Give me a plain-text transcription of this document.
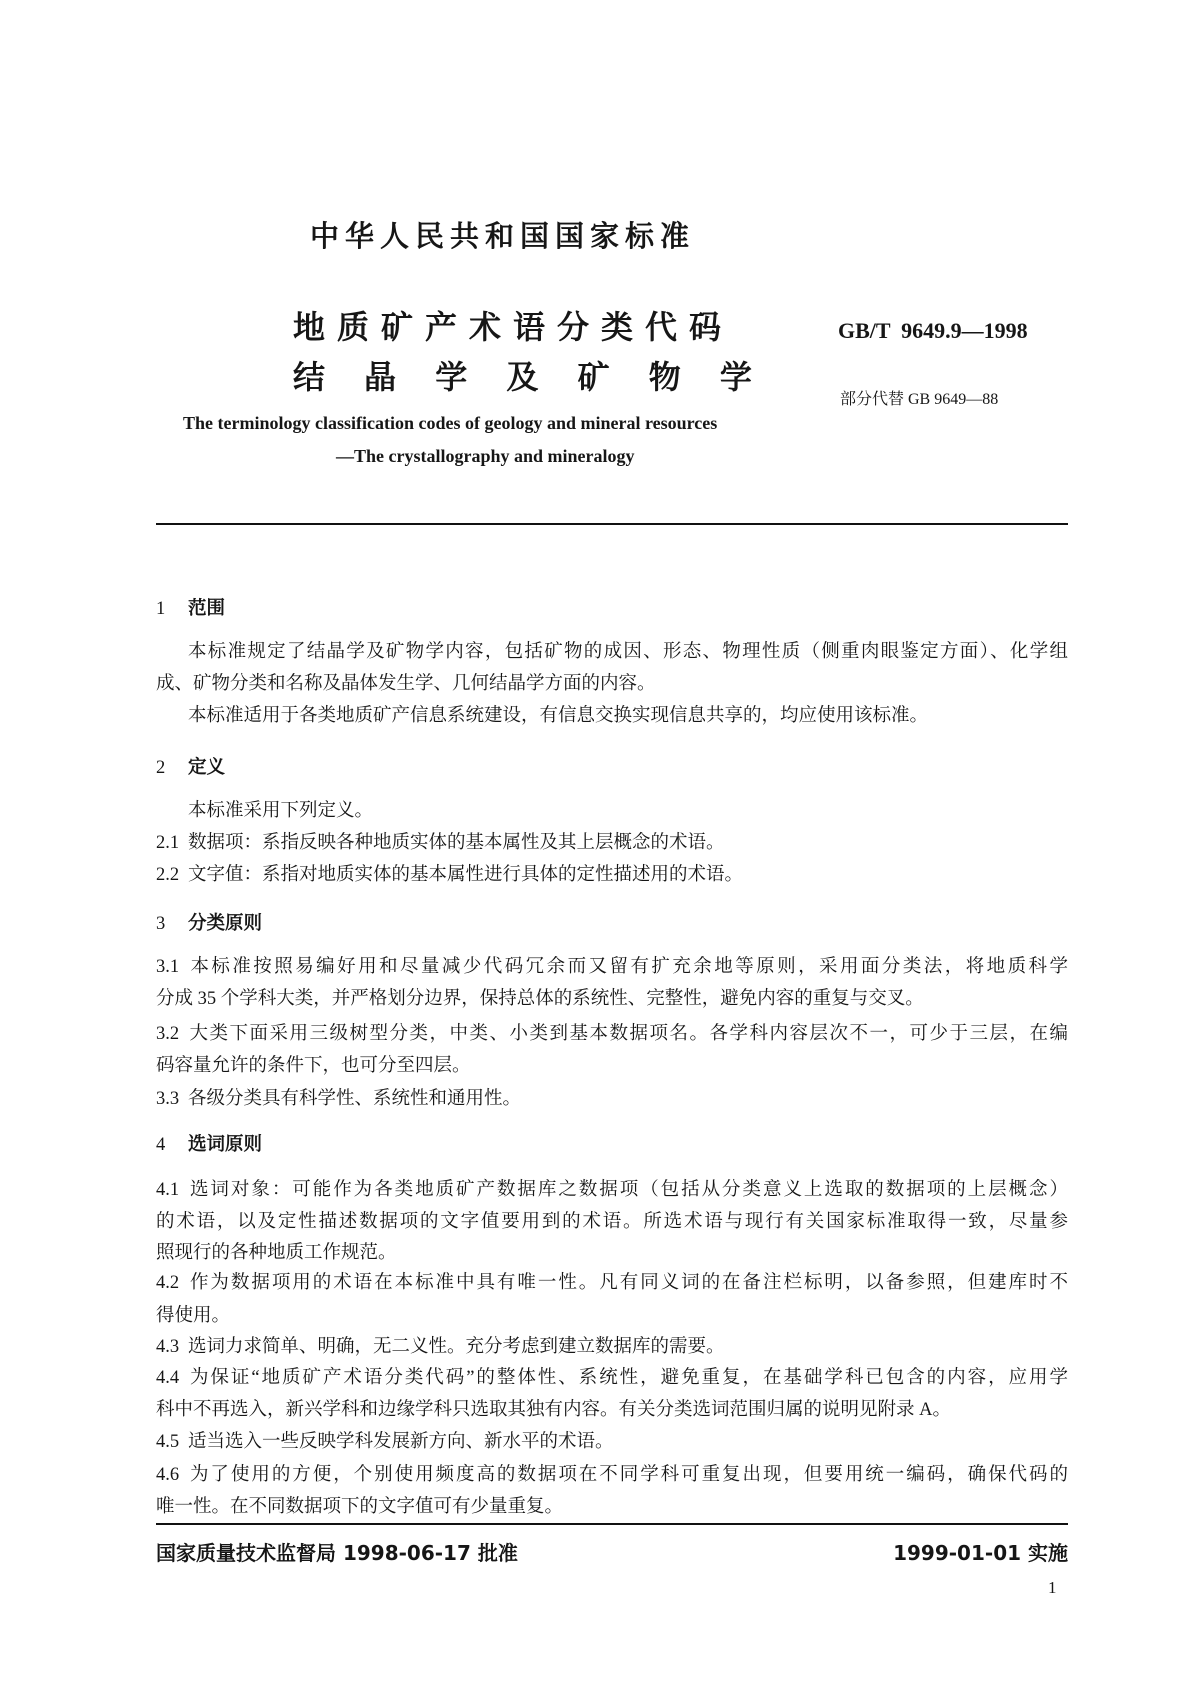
中华人民共和国国家标准
地质矿产术语分类代码
结 晶 学 及 矿 物 学
GB/T  9649.9—1998
部分代替 GB 9649—88
The terminology classification codes of geology and mineral resources
—The crystallography and mineralogy
1 范围
本标准规定了结晶学及矿物学内容，包括矿物的成因、形态、物理性质（侧重肉眼鉴定方面）、化学组
成、矿物分类和名称及晶体发生学、几何结晶学方面的内容。
本标准适用于各类地质矿产信息系统建设，有信息交换实现信息共享的，均应使用该标准。
2 定义
本标准采用下列定义。
2.1 数据项：系指反映各种地质实体的基本属性及其上层概念的术语。
2.2 文字值：系指对地质实体的基本属性进行具体的定性描述用的术语。
3 分类原则
3.1 本标准按照易编好用和尽量减少代码冗余而又留有扩充余地等原则，采用面分类法，将地质科学
分成 35 个学科大类，并严格划分边界，保持总体的系统性、完整性，避免内容的重复与交叉。
3.2 大类下面采用三级树型分类，中类、小类到基本数据项名。各学科内容层次不一，可少于三层，在编
码容量允许的条件下，也可分至四层。
3.3 各级分类具有科学性、系统性和通用性。
4 选词原则
4.1 选词对象：可能作为各类地质矿产数据库之数据项（包括从分类意义上选取的数据项的上层概念）
的术语，以及定性描述数据项的文字值要用到的术语。所选术语与现行有关国家标准取得一致，尽量参
照现行的各种地质工作规范。
4.2 作为数据项用的术语在本标准中具有唯一性。凡有同义词的在备注栏标明，以备参照，但建库时不
得使用。
4.3 选词力求简单、明确，无二义性。充分考虑到建立数据库的需要。
4.4 为保证“地质矿产术语分类代码”的整体性、系统性，避免重复，在基础学科已包含的内容，应用学
科中不再选入，新兴学科和边缘学科只选取其独有内容。有关分类选词范围归属的说明见附录 A。
4.5 适当选入一些反映学科发展新方向、新水平的术语。
4.6 为了使用的方便，个别使用频度高的数据项在不同学科可重复出现，但要用统一编码，确保代码的
唯一性。在不同数据项下的文字值可有少量重复。
国家质量技术监督局 1998-06-17 批准	1999-01-01 实施
1
